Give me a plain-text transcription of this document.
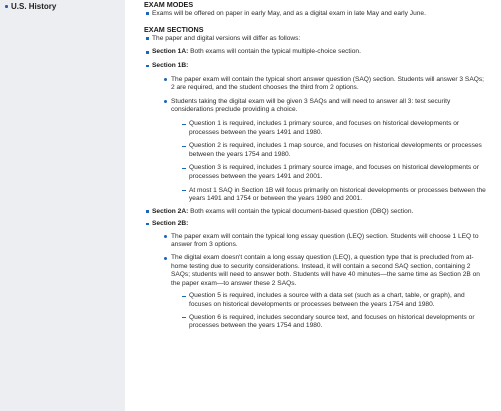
U.S. History	EXAM MODES

Exams will be offered on paper in early May, and as a digital exam in late May and early June.

EXAM SECTIONS

The paper and digital versions will differ as follows:

Section 1A: Both exams will contain the typical multiple-choice section.

Section 1B:

The paper exam will contain the typical short answer question (SAQ) section. Students will answer 3 SAQs; 2 are required, and the student chooses the third from 2 options.

Students taking the digital exam will be given 3 SAQs and will need to answer all 3: test security considerations preclude providing a choice.

Question 1 is required, includes 1 primary source, and focuses on historical developments or processes between the years 1491 and 1980.

Question 2 is required, includes 1 map source, and focuses on historical developments or processes between the years 1754 and 1980.

Question 3 is required, includes 1 primary source image, and focuses on historical developments or processes between the years 1491 and 2001.

At most 1 SAQ in Section 1B will focus primarily on historical developments or processes between the years 1491 and 1754 or between the years 1980 and 2001.

Section 2A: Both exams will contain the typical document-based question (DBQ) section.

Section 2B:

The paper exam will contain the typical long essay question (LEQ) section. Students will choose 1 LEQ to answer from 3 options.

The digital exam doesn't contain a long essay question (LEQ), a question type that is precluded from at-home testing due to security considerations. Instead, it will contain a second SAQ section, containing 2 SAQs; students will need to answer both. Students will have 40 minutes—the same time as Section 2B on the paper exam—to answer these 2 SAQs.

Question 5 is required, includes a source with a data set (such as a chart, table, or graph), and focuses on historical developments or processes between the years 1754 and 1980.

Question 6 is required, includes secondary source text, and focuses on historical developments or processes between the years 1754 and 1980.
